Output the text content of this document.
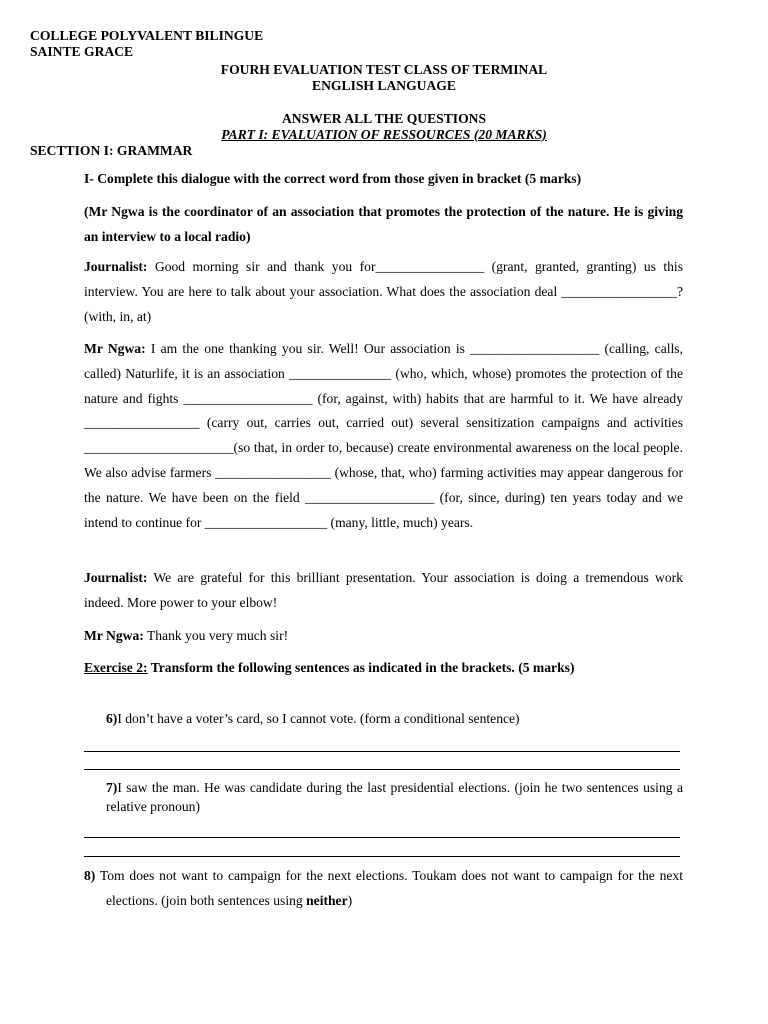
COLLEGE POLYVALENT BILINGUE
SAINTE GRACE
FOURH EVALUATION TEST CLASS OF TERMINAL
ENGLISH LANGUAGE
ANSWER ALL THE QUESTIONS
PART I: EVALUATION OF RESSOURCES (20 MARKS)
SECTTION I: GRAMMAR
I- Complete this dialogue with the correct word from those given in bracket (5 marks)
(Mr Ngwa is the coordinator of an association that promotes the protection of the nature. He is giving an interview to a local radio)
Journalist: Good morning sir and thank you for________________ (grant, granted, granting) us this interview. You are here to talk about your association. What does the association deal _________________? (with, in, at)
Mr Ngwa: I am the one thanking you sir. Well! Our association is ___________________ (calling, calls, called) Naturlife, it is an association _______________ (who, which, whose) promotes the protection of the nature and fights ___________________ (for, against, with) habits that are harmful to it. We have already _________________ (carry out, carries out, carried out) several sensitization campaigns and activities ______________________(so that, in order to, because) create environmental awareness on the local people. We also advise farmers _________________ (whose, that, who) farming activities may appear dangerous for the nature. We have been on the field ___________________ (for, since, during) ten years today and we intend to continue for __________________ (many, little, much) years.
Journalist: We are grateful for this brilliant presentation. Your association is doing a tremendous work indeed. More power to your elbow!
Mr Ngwa: Thank you very much sir!
Exercise 2: Transform the following sentences as indicated in the brackets. (5 marks)
6)I don’t have a voter’s card, so I cannot vote. (form a conditional sentence)
7)I saw the man. He was candidate during the last presidential elections. (join he two sentences using a relative pronoun)
8) Tom does not want to campaign for the next elections. Toukam does not want to campaign for the next elections. (join both sentences using neither)
